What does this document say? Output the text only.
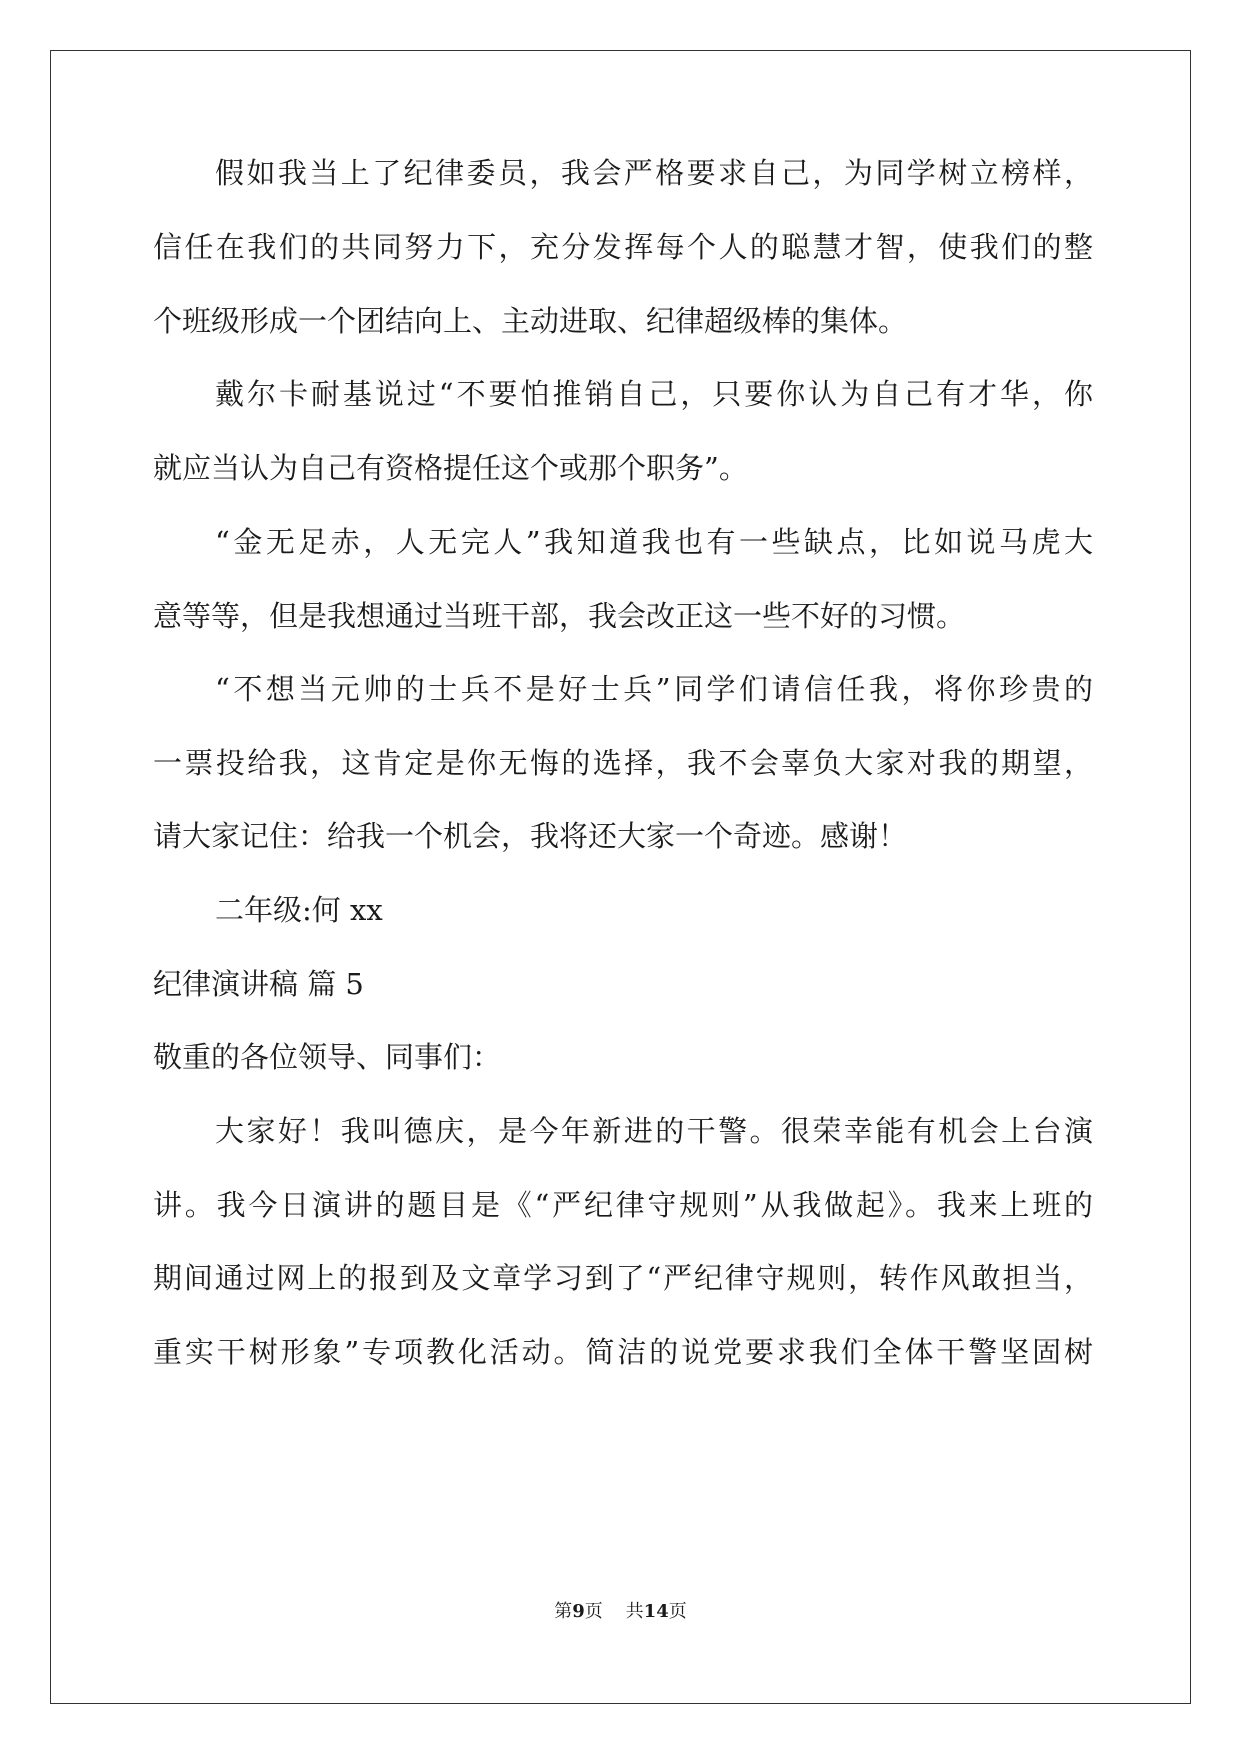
假如我当上了纪律委员，我会严格要求自己，为同学树立榜样，
信任在我们的共同努力下，充分发挥每个人的聪慧才智，使我们的整
个班级形成一个团结向上、主动进取、纪律超级棒的集体。
戴尔卡耐基说过“不要怕推销自己，只要你认为自己有才华，你
就应当认为自己有资格提任这个或那个职务”。
“金无足赤，人无完人”我知道我也有一些缺点，比如说马虎大
意等等，但是我想通过当班干部，我会改正这一些不好的习惯。
“不想当元帅的士兵不是好士兵”同学们请信任我，将你珍贵的
一票投给我，这肯定是你无悔的选择，我不会辜负大家对我的期望，
请大家记住：给我一个机会，我将还大家一个奇迹。感谢！
二年级:何 xx
纪律演讲稿 篇 5
敬重的各位领导、同事们：
大家好！我叫德庆，是今年新进的干警。很荣幸能有机会上台演
讲。我今日演讲的题目是《“严纪律守规则”从我做起》。我来上班的
期间通过网上的报到及文章学习到了“严纪律守规则，转作风敢担当，
重实干树形象”专项教化活动。简洁的说党要求我们全体干警坚固树
第9页    共14页
